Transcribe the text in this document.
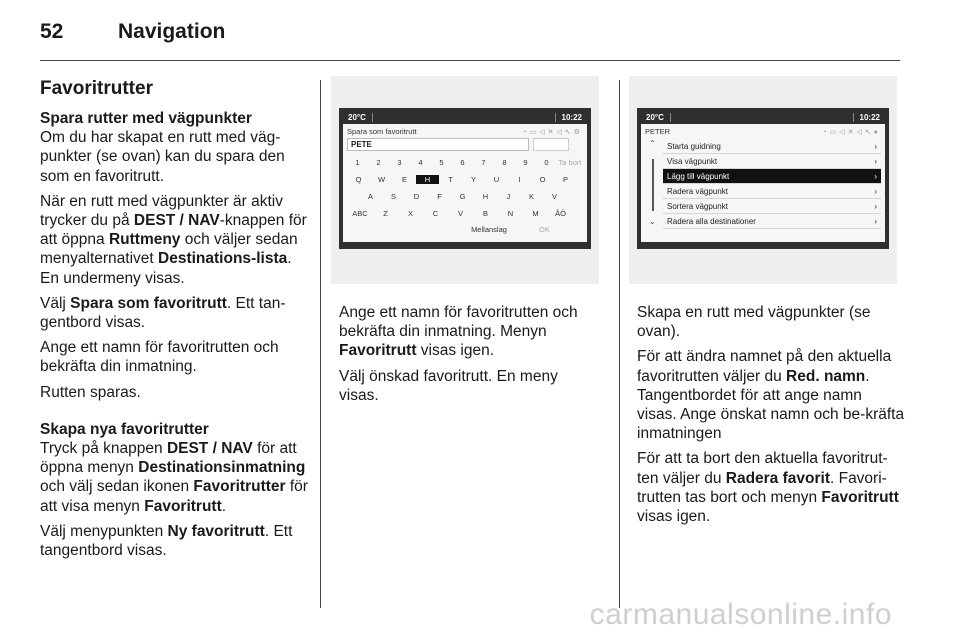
52	Navigation
Favoritrutter
Spara rutter med vägpunkter

Om du har skapat en rutt med väg-punkter (se ovan) kan du spara den som en favoritrutt.

När en rutt med vägpunkter är aktiv trycker du på DEST / NAV-knappen för att öppna Ruttmeny och väljer sedan menyalternativet Destinations-lista. En undermeny visas.

Välj Spara som favoritrutt. Ett tan-gentbord visas.

Ange ett namn för favoritrutten och bekräfta din inmatning.

Rutten sparas.

Skapa nya favoritrutter

Tryck på knappen DEST / NAV för att öppna menyn Destinationsinmatning och välj sedan ikonen Favoritrutter för att visa menyn Favoritrutt.

Välj menypunkten Ny favoritrutt. Ett tangentbord visas.

20°C	10:22
Spara som favoritrutt	◔▭◁✕◁↖⚙
PETE
1	2	3	4	5	6	7	8	9	0	Ta bort
Q	W	E	H	T	Y	U	I	O	P
A	S	D	F	G	H	J	K	V
ABC	Z	X	C	V	B	N	M	ÅÖ
Mellanslag	OK
20°C	10:22
PETER	◔▭◁✕◁↖●
⌃
⌄
Starta guidning	›
Visa vägpunkt	›
Lägg till vägpunkt	›
Radera vägpunkt	›
Sortera vägpunkt	›
Radera alla destinationer	›

Ange ett namn för favoritrutten och bekräfta din inmatning. Menyn Favoritrutt visas igen.

Välj önskad favoritrutt. En meny visas.

Skapa en rutt med vägpunkter (se ovan).

För att ändra namnet på den aktuella favoritrutten väljer du Red. namn. Tangentbordet för att ange namn visas. Ange önskat namn och be-kräfta inmatningen

För att ta bort den aktuella favoritrut-ten väljer du Radera favorit. Favori-trutten tas bort och menyn Favoritrutt visas igen.

carmanualsonline.info
